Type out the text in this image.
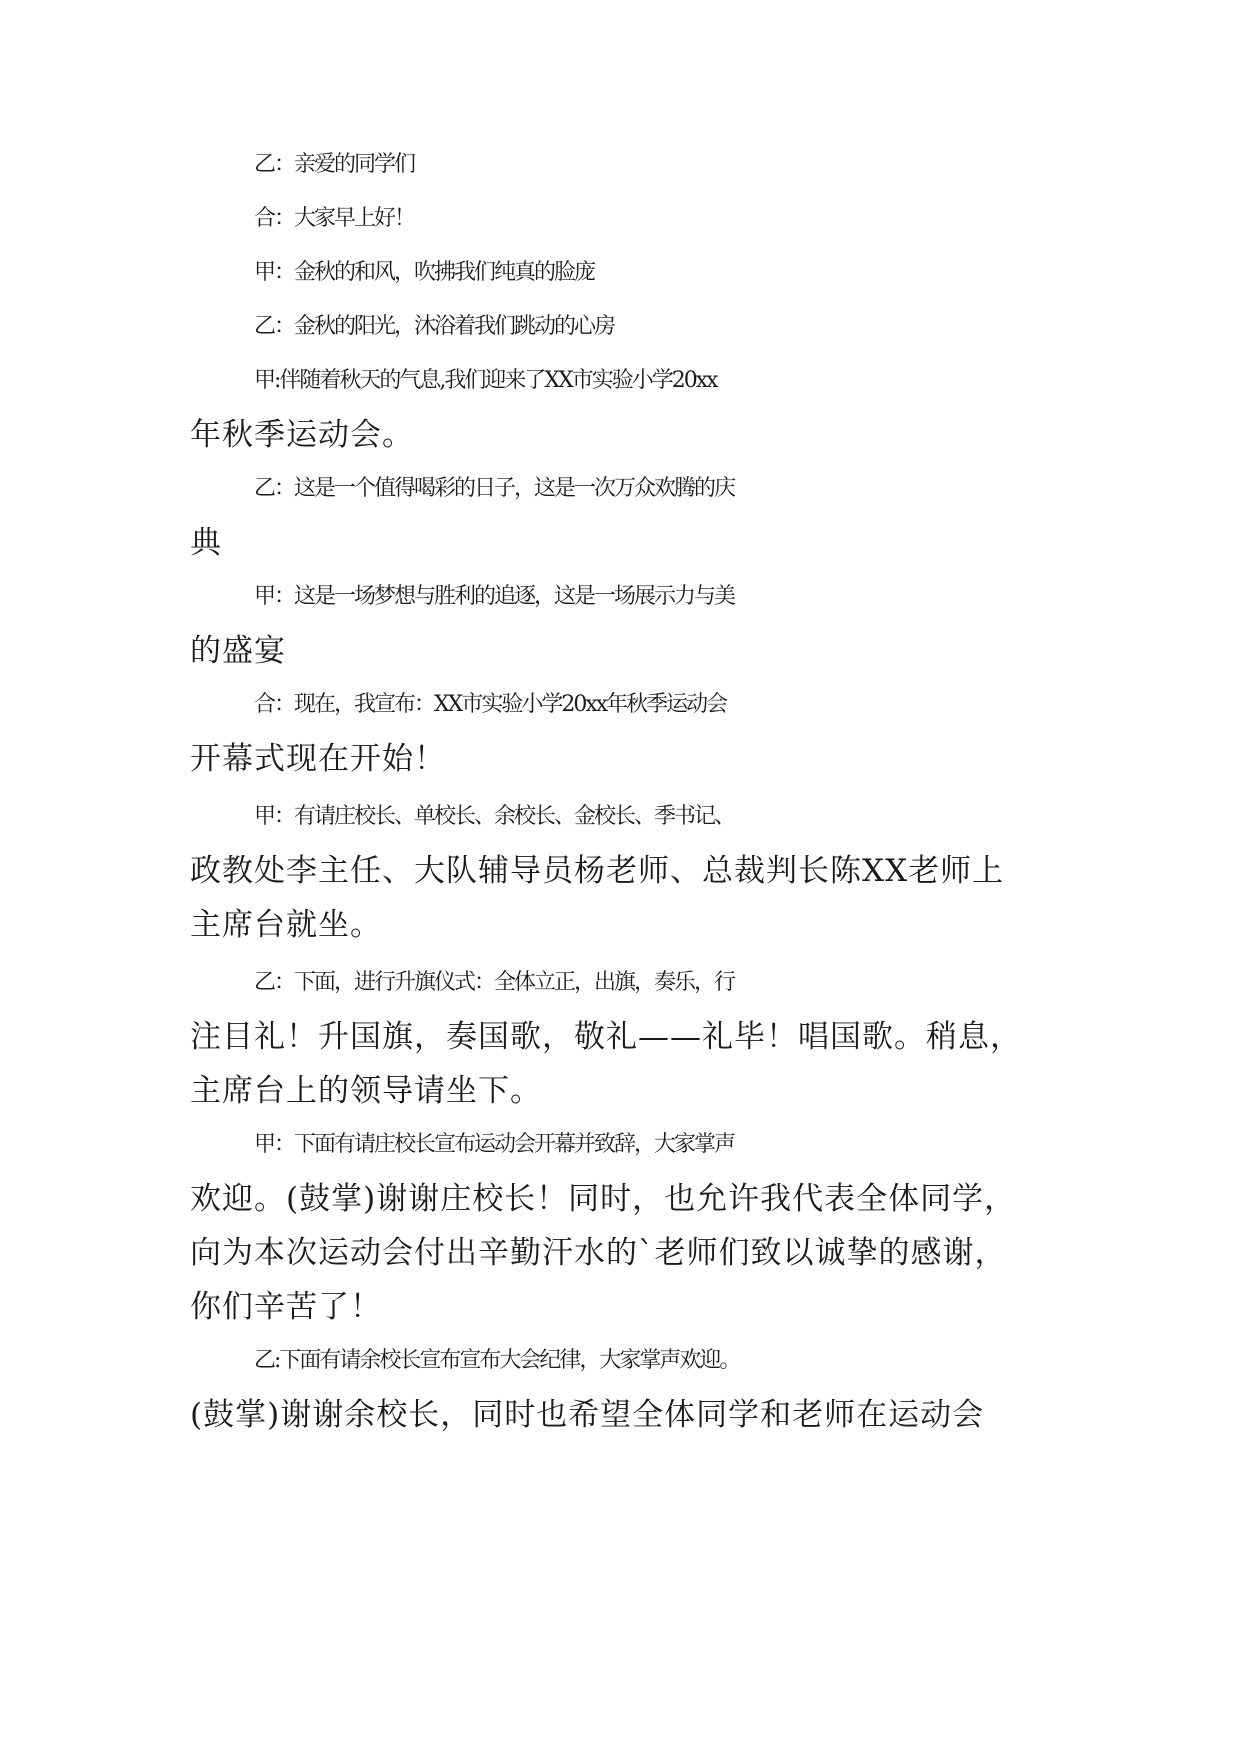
乙：亲爱的同学们
合：大家早上好！
甲：金秋的和风，吹拂我们纯真的脸庞
乙：金秋的阳光，沐浴着我们跳动的心房
甲:伴随着秋天的气息,我们迎来了XX市实验小学20xx
年秋季运动会。
乙：这是一个值得喝彩的日子，这是一次万众欢腾的庆
典
甲：这是一场梦想与胜利的追逐，这是一场展示力与美
的盛宴
合：现在，我宣布：XX市实验小学20xx年秋季运动会
开幕式现在开始！
甲：有请庄校长、单校长、余校长、金校长、季书记、
政教处李主任、大队辅导员杨老师、总裁判长陈XX老师上
主席台就坐。
乙：下面，进行升旗仪式：全体立正，出旗，奏乐，行
注目礼！升国旗，奏国歌，敬礼——礼毕！唱国歌。稍息，
主席台上的领导请坐下。
甲：下面有请庄校长宣布运动会开幕并致辞，大家掌声
欢迎。(鼓掌)谢谢庄校长！同时，也允许我代表全体同学，
向为本次运动会付出辛勤汗水的`老师们致以诚挚的感谢，
你们辛苦了！
乙:下面有请余校长宣布宣布大会纪律，大家掌声欢迎。
(鼓掌)谢谢余校长，同时也希望全体同学和老师在运动会
